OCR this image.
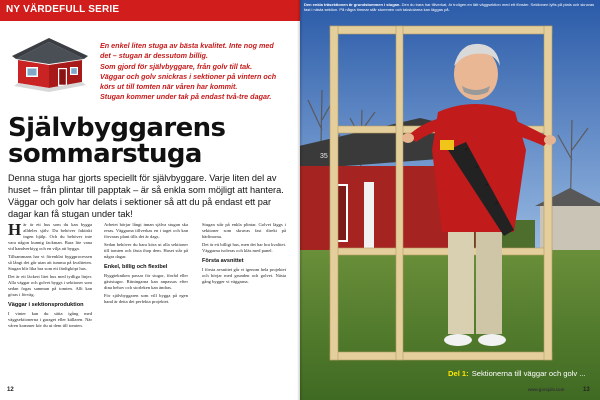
NY VÄRDEFULL SERIE
En enkel liten stuga av bästa kvalitet. Inte nog med
det – stugan är dessutom billig.
Som gjord för självbyggare, från golv till tak.
Väggar och golv snickras i sektioner på vintern och
körs ut till tomten när våren har kommit.
Stugan kommer under tak på endast två-tre dagar.
Självbyggarens
sommarstuga
Denna stuga har gjorts speciellt för självbyggare. Varje liten del av huset – från plintar till papptak – är så enkla som möjligt att hantera. Väggar och golv har delats i sektioner så att du på endast ett par dagar kan få stugan under tak!

Här är ett hus som du kan bygga alldeles själv. Du behöver faktiskt ingen hjälp. Och du behöver inte vara någon kunnig fackman. Bara lite vana vid handverktyg och en vilja att bygga.

Tillsammans har vi förenklat byggprocessen så långt det går utan att tumma på kvaliteten. Stugan blir lika bra som ett färdigköpt hus.

Det är ett läckert litet hus med tydliga linjer. Alla väggar och golvet byggs i sektioner som sedan fogas samman på tomten. Allt kan göras i förväg.

Väggar i sektionsproduktion

I vinter kan du sätta igång med väggsektionerna i garaget eller källaren. När våren kommer kör du ut dem till tomten.

Arbetet börjar långt innan själva stugan ska resas. Väggarna tillverkas en i taget och kan förvaras plant tills det är dags.

Sedan behöver du bara köra ut alla sektioner till tomten och fästa ihop dem. Huset står på några dagar.

Enkel, billig och flexibel

Byggtekniken passar för stugor, förråd eller gäststugor. Ritningarna kan anpassas efter dina behov och storleken kan ändras.

För självbyggaren som vill bygga på egen hand är detta det perfekta projektet.

Stugan står på enkla plintar. Golvet läggs i sektioner som skruvas fast direkt på bärlinorna.

Det är ett billigt hus, men det har bra kvalitet. Väggarna isoleras och kläs med panel.

Första avsnittet

I första avsnittet går vi igenom hela projektet och börjar med grunden och golvet. Nästa gång bygger vi väggarna.

12
35
Den enkla träsektionen är grundstommen i stugan. Den du bara har tillverkat, är troligen en lätt väggsektion med ett fönster. Sektionen lyfts på plats och skruvas fast i nästa sektion. På några timmar står stommen och takstolarna kan läggas på.
Del 1: Sektionerna till väggar och golv ...
www.gorsjalv.com	13
